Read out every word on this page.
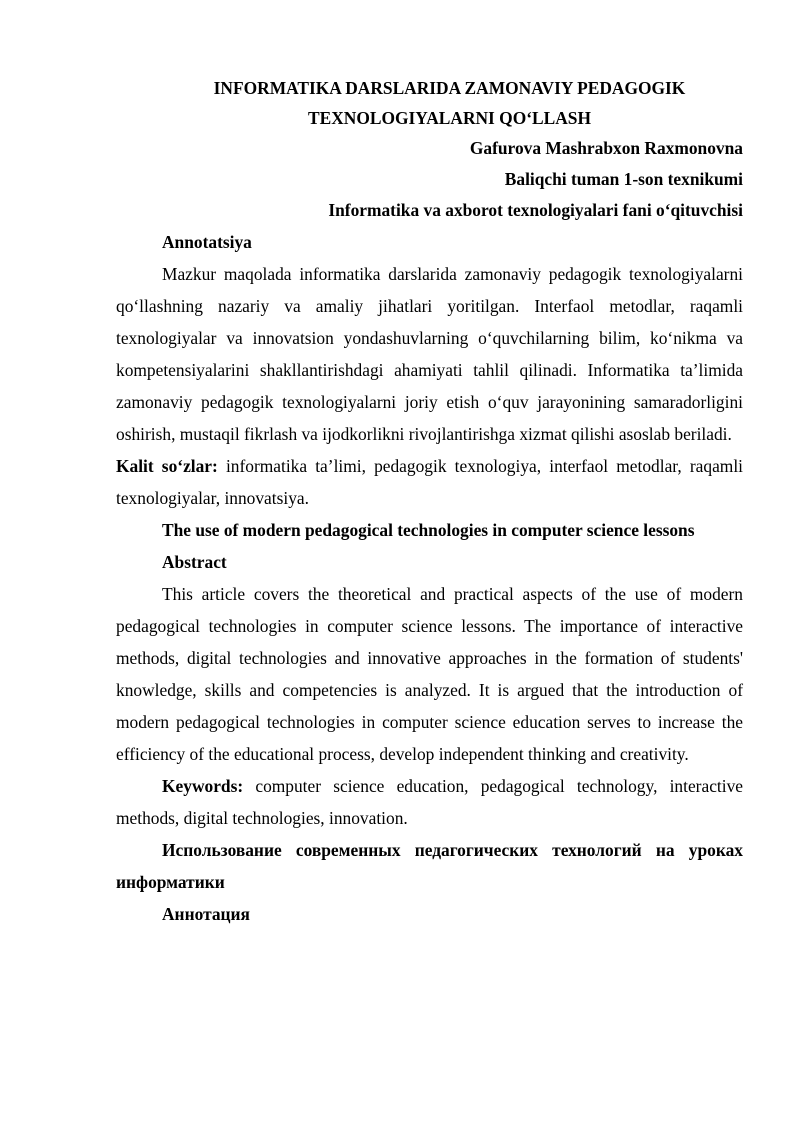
INFORMATIKA DARSLARIDA ZAMONAVIY PEDAGOGIK
TEXNOLOGIYALARNI QO‘LLASH
Gafurova Mashrabxon Raxmonovna
Baliqchi tuman 1-son texnikumi
Informatika va axborot texnologiyalari fani o‘qituvchisi
Annotatsiya

Mazkur maqolada informatika darslarida zamonaviy pedagogik texnologiyalarni qo‘llashning nazariy va amaliy jihatlari yoritilgan. Interfaol metodlar, raqamli texnologiyalar va innovatsion yondashuvlarning o‘quvchilarning bilim, ko‘nikma va kompetensiyalarini shakllantirishdagi ahamiyati tahlil qilinadi. Informatika ta’limida zamonaviy pedagogik texnologiyalarni joriy etish o‘quv jarayonining samaradorligini oshirish, mustaqil fikrlash va ijodkorlikni rivojlantirishga xizmat qilishi asoslab beriladi.

Kalit so‘zlar: informatika ta’limi, pedagogik texnologiya, interfaol metodlar, raqamli texnologiyalar, innovatsiya.

The use of modern pedagogical technologies in computer science lessons
Abstract

This article covers the theoretical and practical aspects of the use of modern pedagogical technologies in computer science lessons. The importance of interactive methods, digital technologies and innovative approaches in the formation of students' knowledge, skills and competencies is analyzed. It is argued that the introduction of modern pedagogical technologies in computer science education serves to increase the efficiency of the educational process, develop independent thinking and creativity.

Keywords: computer science education, pedagogical technology, interactive methods, digital technologies, innovation.

Использование современных педагогических технологий на уроках информатики

Аннотация
